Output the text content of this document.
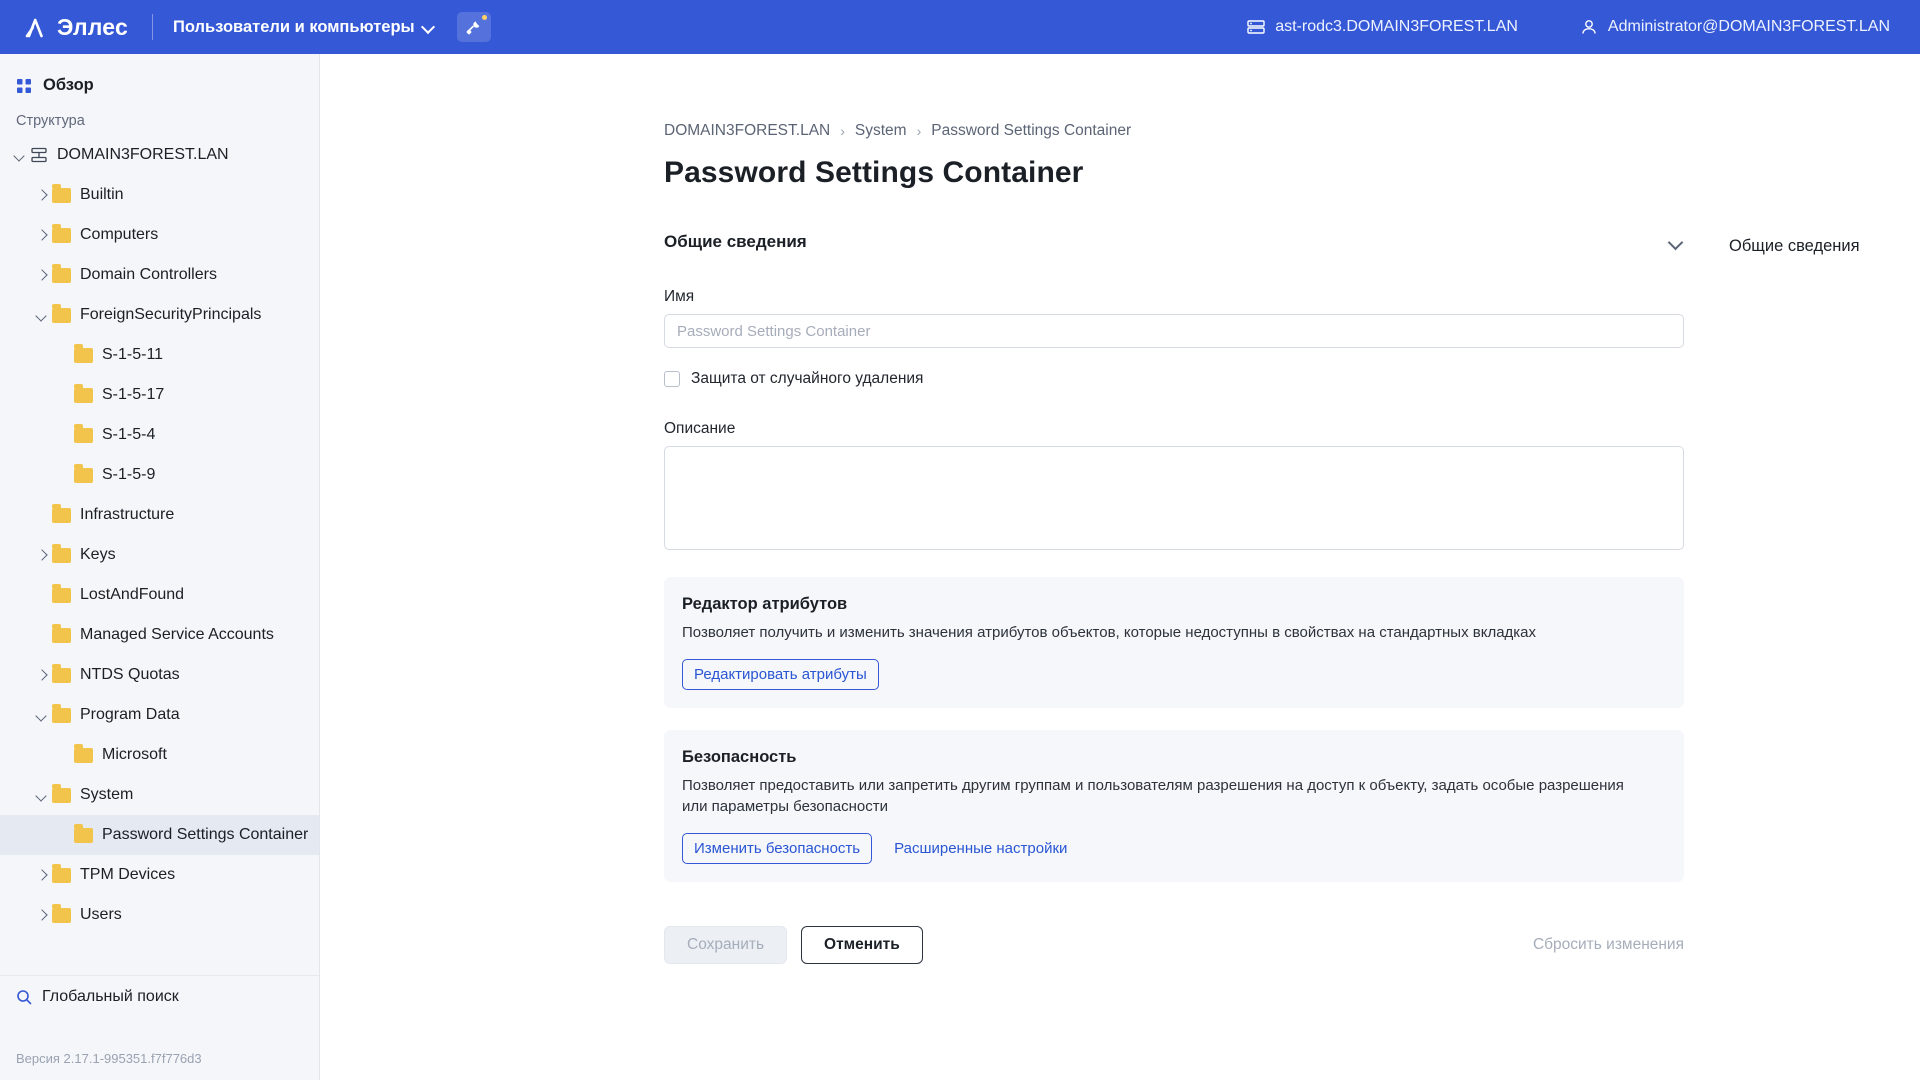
Эллес	Пользователи и компьютеры	ast-rodc3.DOMAIN3FOREST.LAN	Administrator@DOMAIN3FOREST.LAN
Обзор
Структура
DOMAIN3FOREST.LAN
Builtin
Computers
Domain Controllers
ForeignSecurityPrincipals
S-1-5-11
S-1-5-17
S-1-5-4
S-1-5-9
Infrastructure
Keys
LostAndFound
Managed Service Accounts
NTDS Quotas
Program Data
Microsoft
System
Password Settings Container
TPM Devices
Users
Глобальный поиск
Версия 2.17.1-995351.f7f776d3
DOMAIN3FOREST.LAN › System › Password Settings Container
Password Settings Container
Общие сведения
Имя
Password Settings Container
Защита от случайного удаления
Описание
Редактор атрибутов
Позволяет получить и изменить значения атрибутов объектов, которые недоступны в свойствах на стандартных вкладках
Редактировать атрибуты
Безопасность
Позволяет предоставить или запретить другим группам и пользователям разрешения на доступ к объекту, задать особые разрешения или параметры безопасности
Изменить безопасность	Расширенные настройки
Сохранить	Отменить	Сбросить изменения
Общие сведения
